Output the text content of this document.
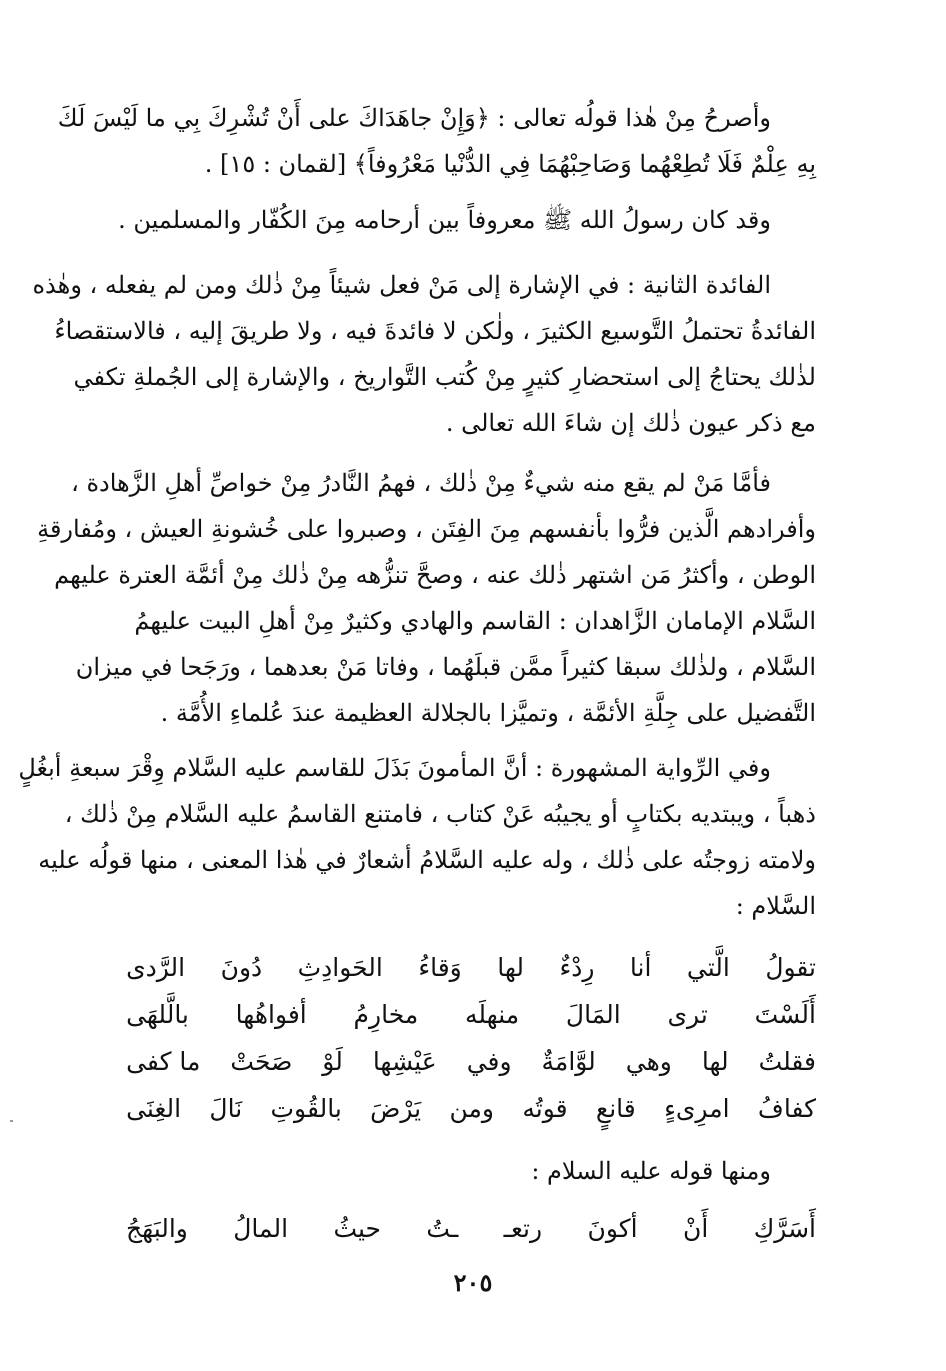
وأصرحُ مِنْ هٰذا قولُه تعالى : ﴿وَإِنْ جاهَدَاكَ على أَنْ تُشْرِكَ بِي ما لَيْسَ لَكَ
بِهِ عِلْمٌ فَلَا تُطِعْهُما وَصَاحِبْهُمَا فِي الدُّنْيا مَعْرُوفاً﴾ [لقمان : ١٥] .
وقد كان رسولُ الله ﷺ معروفاً بين أرحامه مِنَ الكُفّار والمسلمين .
الفائدة الثانية : في الإشارة إلى مَنْ فعل شيئاً مِنْ ذٰلك ومن لم يفعله ، وهٰذه
الفائدةُ تحتملُ التَّوسيع الكثيرَ ، ولٰكن لا فائدةَ فيه ، ولا طريقَ إليه ، فالاستقصاءُ
لذٰلك يحتاجُ إلى استحضارِ كثيرٍ مِنْ كُتب التَّواريخ ، والإشارة إلى الجُملةِ تكفي
مع ذكر عيون ذٰلك إن شاءَ الله تعالى .
فأمَّا مَنْ لم يقع منه شيءٌ مِنْ ذٰلك ، فهمُ النَّادرُ مِنْ خواصِّ أهلِ الزَّهادة ،
وأفرادهم الَّذين فرُّوا بأنفسهم مِنَ الفِتَن ، وصبروا على خُشونةِ العيش ، ومُفارقةِ
الوطن ، وأكثرُ مَن اشتهر ذٰلك عنه ، وصحَّ تنزُّهه مِنْ ذٰلك مِنْ أئمَّة العترة عليهم
السَّلام الإمامان الزَّاهدان : القاسم والهادي وكثيرٌ مِنْ أهلِ البيت عليهمُ
السَّلام ، ولذٰلك سبقا كثيراً ممَّن قبلَهُما ، وفاتا مَنْ بعدهما ، ورَجَحا في ميزان
التَّفضيل على جِلَّةِ الأئمَّة ، وتميَّزا بالجلالة العظيمة عندَ عُلماءِ الأُمَّة .
وفي الرِّواية المشهورة : أنَّ المأمونَ بَذَلَ للقاسم عليه السَّلام وِقْرَ سبعةِ أبغُلٍ
ذهباً ، ويبتديه بكتابٍ أو يجيبُه عَنْ كتاب ، فامتنع القاسمُ عليه السَّلام مِنْ ذٰلك ،
ولامته زوجتُه على ذٰلك ، وله عليه السَّلامُ أشعارٌ في هٰذا المعنى ، منها قولُه عليه
السَّلام :
تقولُ
الَّتي
أنا
رِدْءٌ
لها
وَقاءُ
الحَوادِثِ
دُونَ
الرَّدى
أَلَسْتَ
ترى
المَالَ
منهلَه
مخارِمُ
أفواهُها
بالَّلهَى
فقلتُ
لها
وهي
لوَّامَةٌ
وفي
عَيْشِها
لَوْ
صَحَتْ
ما كفى
كفافُ
امرِىءٍ
قانعٍ
قوتُه
ومن
يَرْضَ
بالقُوتِ
نَالَ
الغِنَى
ومنها قوله عليه السلام :
أَسَرَّكِ
أَنْ
أكونَ
رتعـ
ـتُ
حيثُ
المالُ
والبَهَجُ
٢٠٥
